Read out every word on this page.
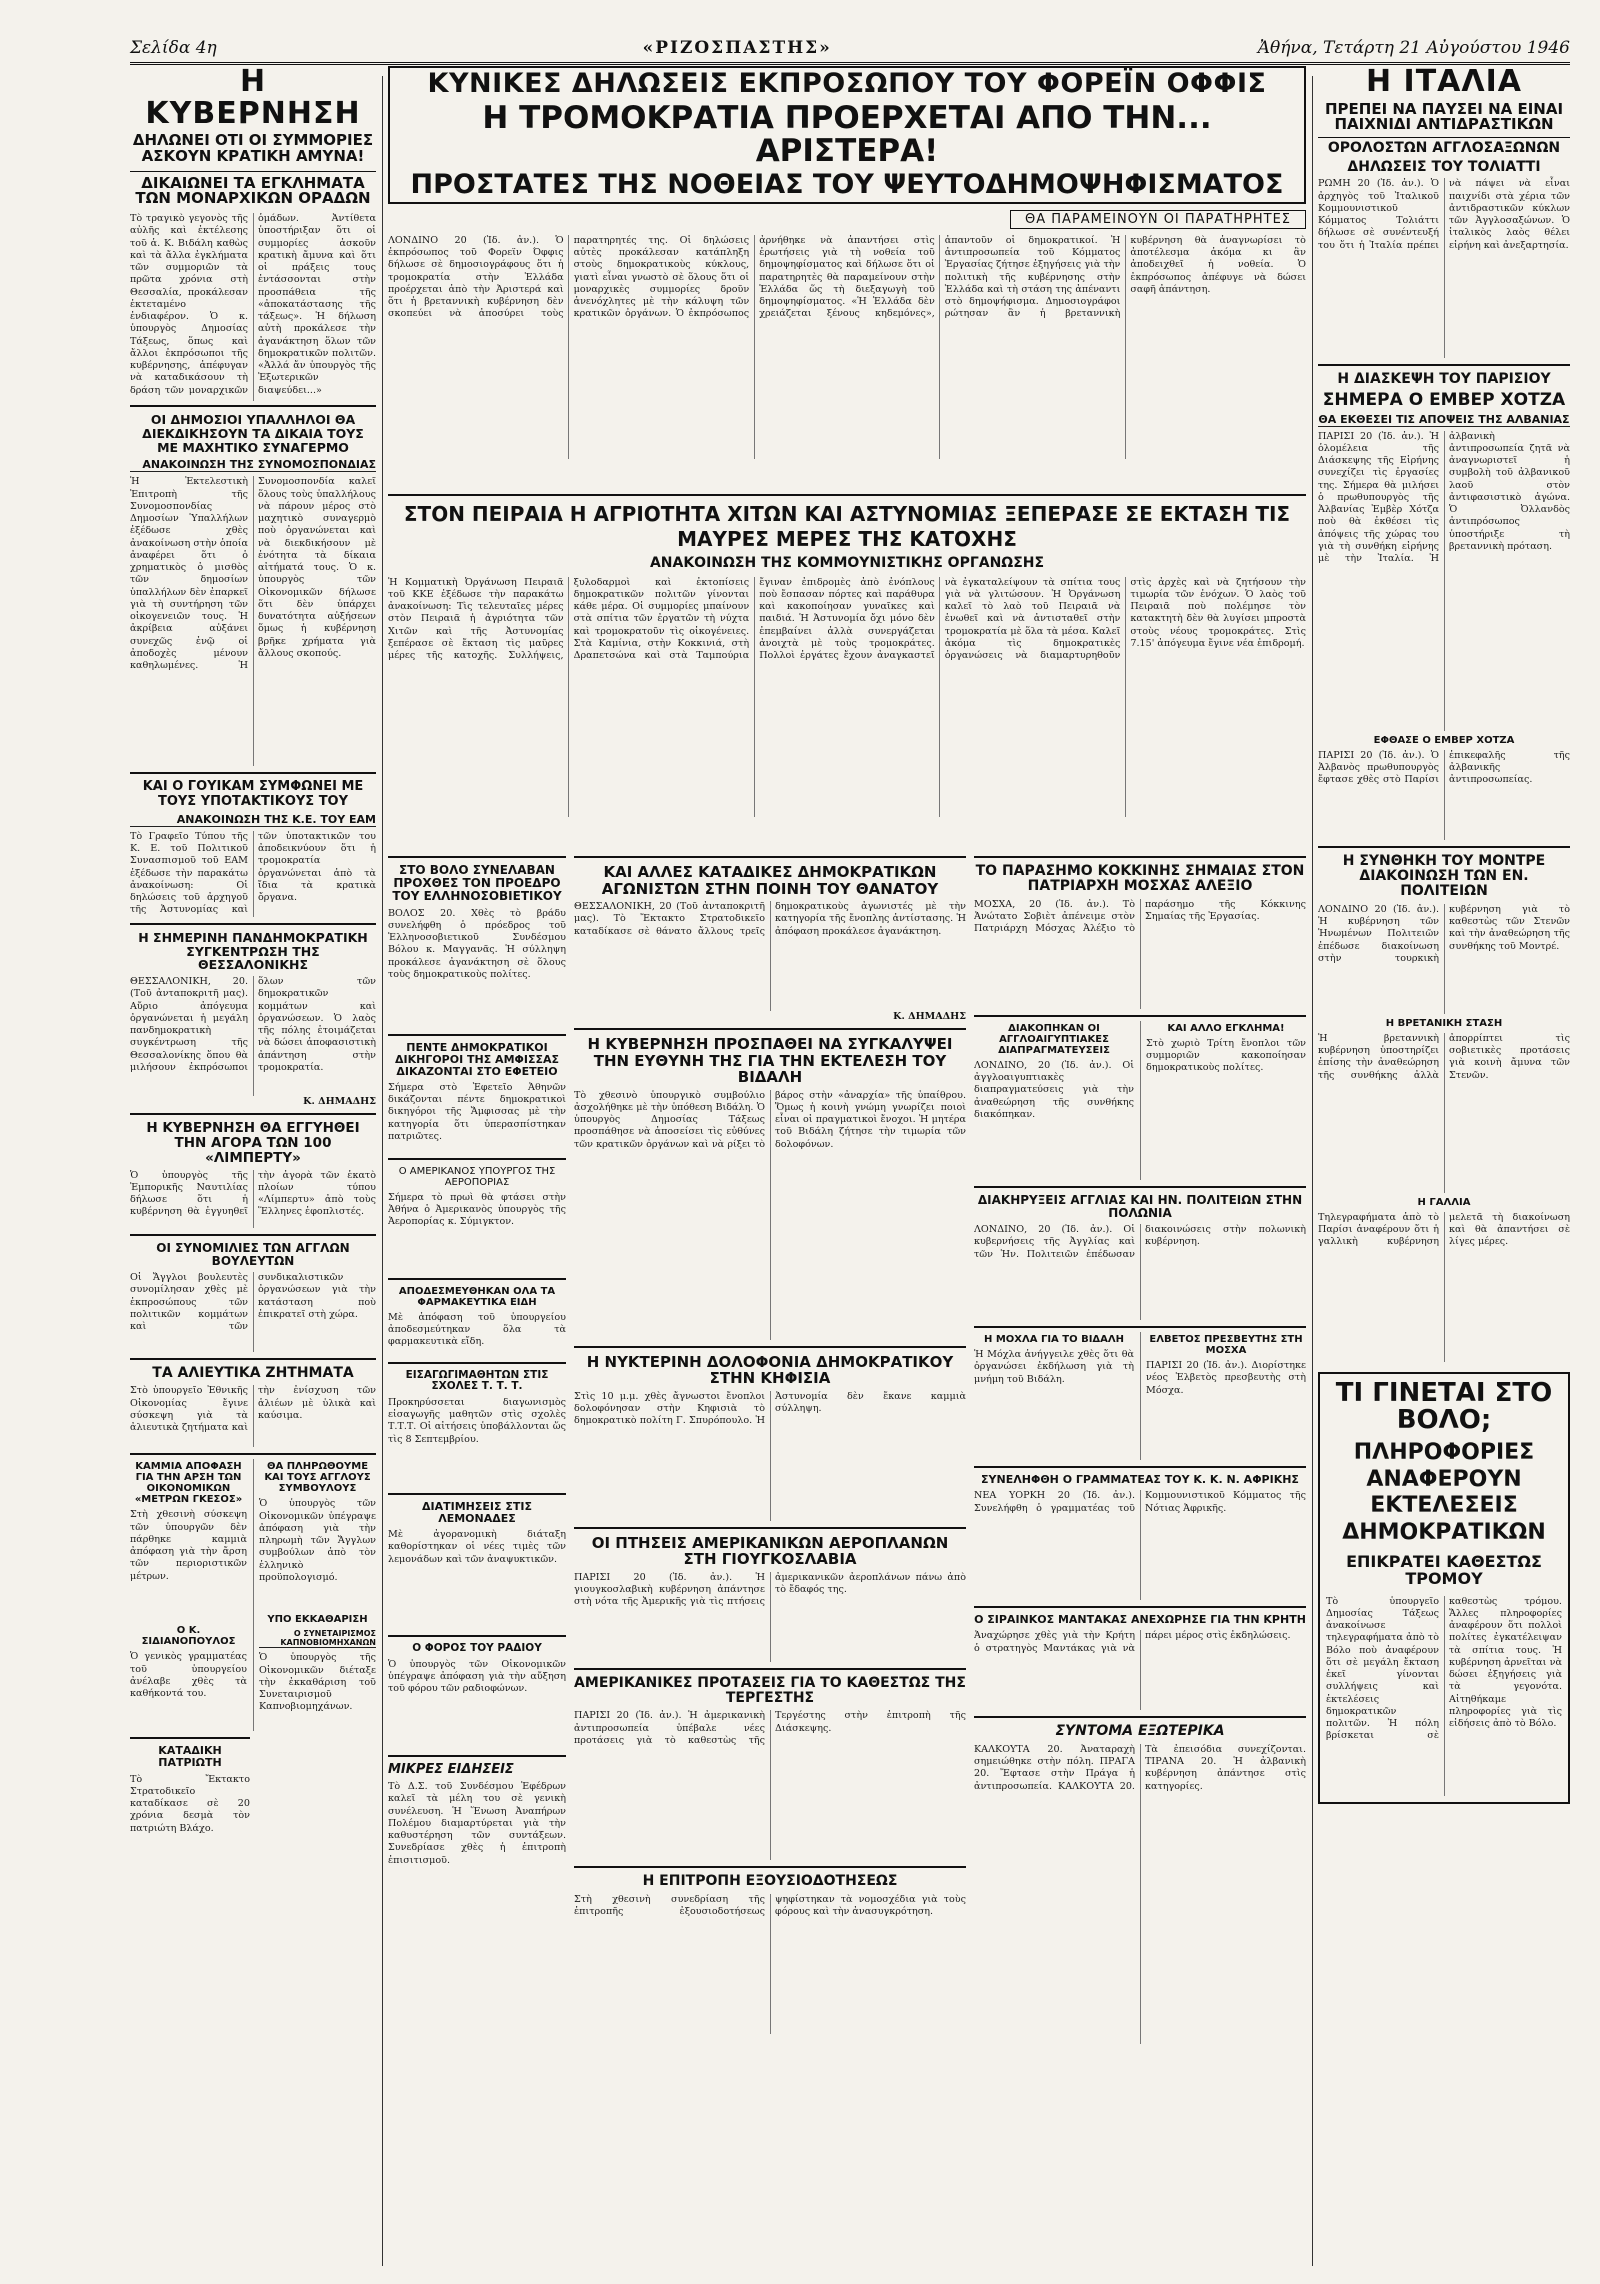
Σελίδα 4η	«ΡΙΖΟΣΠΑΣΤΗΣ»	Ἀθήνα, Τετάρτη 21 Αὐγούστου 1946

Η ΚΥΒΕΡΝΗΣΗ

ΔΗΛΩΝΕΙ ΟΤΙ ΟΙ ΣΥΜΜΟΡΙΕΣ ΑΣΚΟΥΝ ΚΡΑΤΙΚΗ ΑΜΥΝΑ!

ΔΙΚΑΙΩΝΕΙ ΤΑ ΕΓΚΛΗΜΑΤΑ ΤΩΝ ΜΟΝΑΡΧΙΚΩΝ ΟΡΑΔΩΝ

Τὸ τραγικὸ γεγονὸς τῆς αὐλῆς καὶ ἐκτέλεσης τοῦ ἁ. Κ. Βιδάλη καθὼς καὶ τὰ ἄλλα ἐγκλήματα τῶν συμμοριῶν τὰ πρῶτα χρόνια στὴ Θεσσαλία, προκάλεσαν ἐκτεταμένο ἐνδιαφέρον. Ὁ κ. ὑπουργὸς Δημοσίας Τάξεως, ὅπως καὶ ἄλλοι ἐκπρόσωποι τῆς κυβέρνησης, ἀπέφυγαν νὰ καταδικάσουν τὴ δράση τῶν μοναρχικῶν ὁμάδων. Ἀντίθετα ὑποστήριξαν ὅτι οἱ συμμορίες ἀσκοῦν κρατικὴ ἄμυνα καὶ ὅτι οἱ πράξεις τους ἐντάσσονται στὴν προσπάθεια τῆς «ἀποκατάστασης τῆς τάξεως». Ἡ δήλωση αὐτὴ προκάλεσε τὴν ἀγανάκτηση ὅλων τῶν δημοκρατικῶν πολιτῶν. «Ἀλλά ἄν ὑπουργὸς τῆς Ἐξωτερικῶν διαψεύδει...»

ΟΙ ΔΗΜΟΣΙΟΙ ΥΠΑΛΛΗΛΟΙ ΘΑ ΔΙΕΚΔΙΚΗΣΟΥΝ ΤΑ ΔΙΚΑΙΑ ΤΟΥΣ ΜΕ ΜΑΧΗΤΙΚΟ ΣΥΝΑΓΕΡΜΟ

ΑΝΑΚΟΙΝΩΣΗ ΤΗΣ ΣΥΝΟΜΟΣΠΟΝΔΙΑΣ
Ἡ Ἐκτελεστικὴ Ἐπιτροπὴ τῆς Συνομοσπονδίας Δημοσίων Ὑπαλλήλων ἐξέδωσε χθὲς ἀνακοίνωση στὴν ὁποία ἀναφέρει ὅτι ὁ χρηματικὸς ὁ μισθὸς τῶν δημοσίων ὑπαλλήλων δὲν ἐπαρκεῖ γιὰ τὴ συντήρηση τῶν οἰκογενειῶν τους. Ἡ ἀκρίβεια αὐξάνει συνεχῶς ἐνῷ οἱ ἀποδοχὲς μένουν καθηλωμένες. Ἡ Συνομοσπονδία καλεῖ ὅλους τοὺς ὑπαλλήλους νὰ πάρουν μέρος στὸ μαχητικὸ συναγερμὸ ποὺ ὀργανώνεται καὶ νὰ διεκδικήσουν μὲ ἑνότητα τὰ δίκαια αἰτήματά τους. Ὁ κ. ὑπουργὸς τῶν Οἰκονομικῶν δήλωσε ὅτι δὲν ὑπάρχει δυνατότητα αὐξήσεων ὅμως ἡ κυβέρνηση βρῆκε χρήματα γιὰ ἄλλους σκοπούς.

ΚΑΙ Ο ΓΟΥΙΚΑΜ ΣΥΜΦΩΝΕΙ ΜΕ ΤΟΥΣ ΥΠΟΤΑΚΤΙΚΟΥΣ ΤΟΥ

ΑΝΑΚΟΙΝΩΣΗ ΤΗΣ Κ.Ε. ΤΟΥ ΕΑΜ
Τὸ Γραφεῖο Τύπου τῆς Κ. Ε. τοῦ Πολιτικοῦ Συνασπισμοῦ τοῦ ΕΑΜ ἐξέδωσε τὴν παρακάτω ἀνακοίνωση: Οἱ δηλώσεις τοῦ ἀρχηγοῦ τῆς Ἀστυνομίας καὶ τῶν ὑποτακτικῶν του ἀποδεικνύουν ὅτι ἡ τρομοκρατία ὀργανώνεται ἀπὸ τὰ ἴδια τὰ κρατικὰ ὄργανα.

Η ΣΗΜΕΡΙΝΗ ΠΑΝΔΗΜΟΚΡΑΤΙΚΗ ΣΥΓΚΕΝΤΡΩΣΗ ΤΗΣ ΘΕΣΣΑΛΟΝΙΚΗΣ

ΘΕΣΣΑΛΟΝΙΚΗ, 20. (Τοῦ ἀνταποκριτῆ μας). Αὔριο ἀπόγευμα ὀργανώνεται ἡ μεγάλη πανδημοκρατικὴ συγκέντρωση τῆς Θεσσαλονίκης ὅπου θὰ μιλήσουν ἐκπρόσωποι ὅλων τῶν δημοκρατικῶν κομμάτων καὶ ὀργανώσεων. Ὁ λαὸς τῆς πόλης ἑτοιμάζεται νὰ δώσει ἀποφασιστικὴ ἀπάντηση στὴν τρομοκρατία.
Κ. ΔΗΜΑΔΗΣ

Η ΚΥΒΕΡΝΗΣΗ ΘΑ ΕΓΓΥΗΘΕΙ ΤΗΝ ΑΓΟΡΑ ΤΩΝ 100 «ΛΙΜΠΕΡΤΥ»

Ὁ ὑπουργὸς τῆς Ἐμπορικῆς Ναυτιλίας δήλωσε ὅτι ἡ κυβέρνηση θὰ ἐγγυηθεῖ τὴν ἀγορὰ τῶν ἑκατὸ πλοίων τύπου «Λίμπερτυ» ἀπὸ τοὺς Ἕλληνες ἐφοπλιστές.

ΟΙ ΣΥΝΟΜΙΛΙΕΣ ΤΩΝ ΑΓΓΛΩΝ ΒΟΥΛΕΥΤΩΝ

Οἱ Ἄγγλοι βουλευτὲς συνομίλησαν χθὲς μὲ ἐκπροσώπους τῶν πολιτικῶν κομμάτων καὶ τῶν συνδικαλιστικῶν ὀργανώσεων γιὰ τὴν κατάσταση ποὺ ἐπικρατεῖ στὴ χώρα.

ΤΑ ΑΛΙΕΥΤΙΚΑ ΖΗΤΗΜΑΤΑ

Στὸ ὑπουργεῖο Ἐθνικῆς Οἰκονομίας ἔγινε σύσκεψη γιὰ τὰ ἀλιευτικὰ ζητήματα καὶ τὴν ἐνίσχυση τῶν ἁλιέων μὲ ὑλικὰ καὶ καύσιμα.

ΚΑΜΜΙΑ ΑΠΟΦΑΣΗ ΓΙΑ ΤΗΝ ΑΡΣΗ ΤΩΝ ΟΙΚΟΝΟΜΙΚΩΝ «ΜΕΤΡΩΝ ΓΚΕΣΟΣ»

Στὴ χθεσινὴ σύσκεψη τῶν ὑπουργῶν δὲν πάρθηκε καμμιὰ ἀπόφαση γιὰ τὴν ἄρση τῶν περιοριστικῶν μέτρων.

Ο Κ. ΣΙΔΙΑΝΟΠΟΥΛΟΣ

Ὁ γενικὸς γραμματέας τοῦ ὑπουργείου ἀνέλαβε χθὲς τὰ καθήκοντά του.

ΘΑ ΠΛΗΡΩΘΟΥΜΕ ΚΑΙ ΤΟΥΣ ΑΓΓΛΟΥΣ ΣΥΜΒΟΥΛΟΥΣ

Ὁ ὑπουργὸς τῶν Οἰκονομικῶν ὑπέγραψε ἀπόφαση γιὰ τὴν πληρωμὴ τῶν Ἄγγλων συμβούλων ἀπὸ τὸν ἑλληνικὸ προϋπολογισμό.

ΥΠΟ ΕΚΚΑΘΑΡΙΣΗ

Ο ΣΥΝΕΤΑΙΡΙΣΜΟΣ ΚΑΠΝΟΒΙΟΜΗΧΑΝΩΝ
Ὁ ὑπουργὸς τῆς Οἰκονομικῶν διέταξε τὴν ἐκκαθάριση τοῦ Συνεταιρισμοῦ Καπνοβιομηχάνων.

ΚΑΤΑΔΙΚΗ ΠΑΤΡΙΩΤΗ

Τὸ Ἔκτακτο Στρατοδικεῖο καταδίκασε σὲ 20 χρόνια δεσμὰ τὸν πατριώτη Βλάχο.

ΚΥΝΙΚΕΣ ΔΗΛΩΣΕΙΣ ΕΚΠΡΟΣΩΠΟΥ ΤΟΥ ΦΟΡΕΪΝ ΟΦΦΙΣ

Η ΤΡΟΜΟΚΡΑΤΙΑ ΠΡΟΕΡΧΕΤΑΙ ΑΠΟ ΤΗΝ... ΑΡΙΣΤΕΡΑ!

ΠΡΟΣΤΑΤΕΣ ΤΗΣ ΝΟΘΕΙΑΣ ΤΟΥ ΨΕΥΤΟΔΗΜΟΨΗΦΙΣΜΑΤΟΣ

ΘΑ ΠΑΡΑΜΕΙΝΟΥΝ ΟΙ ΠΑΡΑΤΗΡΗΤΕΣ
ΛΟΝΔΙΝΟ 20 (Ἰδ. ἀν.). Ὁ ἐκπρόσωπος τοῦ Φορεϊν Όφφις δήλωσε σὲ δημοσιογράφους ὅτι ἡ τρομοκρατία στὴν Ἑλλάδα προέρχεται ἀπὸ τὴν Ἀριστερά καὶ ὅτι ἡ βρεταννικὴ κυβέρνηση δὲν σκοπεύει νὰ ἀποσύρει τοὺς παρατηρητές της. Οἱ δηλώσεις αὐτὲς προκάλεσαν κατάπληξη στοὺς δημοκρατικοὺς κύκλους, γιατὶ εἶναι γνωστὸ σὲ ὅλους ὅτι οἱ μοναρχικὲς συμμορίες δροῦν ἀνενόχλητες μὲ τὴν κάλυψη τῶν κρατικῶν ὀργάνων. Ὁ ἐκπρόσωπος ἀρνήθηκε νὰ ἀπαντήσει στὶς ἐρωτήσεις γιὰ τὴ νοθεία τοῦ δημοψηφίσματος καὶ δήλωσε ὅτι οἱ παρατηρητὲς θὰ παραμείνουν στὴν Ἑλλάδα ὥς τὴ διεξαγωγὴ τοῦ δημοψηφίσματος. «Ἡ Ἑλλάδα δὲν χρειάζεται ξένους κηδεμόνες», ἀπαντοῦν οἱ δημοκρατικοί. Ἡ ἀντιπροσωπεία τοῦ Κόμματος Ἐργασίας ζήτησε ἐξηγήσεις γιὰ τὴν πολιτικὴ τῆς κυβέρνησης στὴν Ἑλλάδα καὶ τὴ στάση της ἀπέναντι στὸ δημοψήφισμα. Δημοσιογράφοι ρώτησαν ἂν ἡ βρεταννικὴ κυβέρνηση θὰ ἀναγνωρίσει τὸ ἀποτέλεσμα ἀκόμα κι ἂν ἀποδειχθεῖ ἡ νοθεία. Ὁ ἐκπρόσωπος ἀπέφυγε νὰ δώσει σαφῆ ἀπάντηση.

ΣΤΟΝ ΠΕΙΡΑΙΑ Η ΑΓΡΙΟΤΗΤΑ ΧΙΤΩΝ ΚΑΙ ΑΣΤΥΝΟΜΙΑΣ ΞΕΠΕΡΑΣΕ ΣΕ ΕΚΤΑΣΗ ΤΙΣ ΜΑΥΡΕΣ ΜΕΡΕΣ ΤΗΣ ΚΑΤΟΧΗΣ

ΑΝΑΚΟΙΝΩΣΗ ΤΗΣ ΚΟΜΜΟΥΝΙΣΤΙΚΗΣ ΟΡΓΑΝΩΣΗΣ

Ἡ Κομματικὴ Ὀργάνωση Πειραιᾶ τοῦ ΚΚΕ ἐξέδωσε τὴν παρακάτω ἀνακοίνωση: Τὶς τελευταῖες μέρες στὸν Πειραιᾶ ἡ ἀγριότητα τῶν Χιτῶν καὶ τῆς Ἀστυνομίας ξεπέρασε σὲ ἔκταση τὶς μαῦρες μέρες τῆς κατοχῆς. Συλλήψεις, ξυλοδαρμοὶ καὶ ἐκτοπίσεις δημοκρατικῶν πολιτῶν γίνονται κάθε μέρα. Οἱ συμμορίες μπαίνουν στὰ σπίτια τῶν ἐργατῶν τὴ νύχτα καὶ τρομοκρατοῦν τὶς οἰκογένειες. Στὰ Καμίνια, στὴν Κοκκινιά, στὴ Δραπετσώνα καὶ στὰ Ταμπούρια ἔγιναν ἐπιδρομὲς ἀπὸ ἐνόπλους ποὺ ἔσπασαν πόρτες καὶ παράθυρα καὶ κακοποίησαν γυναῖκες καὶ παιδιά. Ἡ Ἀστυνομία ὄχι μόνο δὲν ἐπεμβαίνει ἀλλὰ συνεργάζεται ἀνοιχτὰ μὲ τοὺς τρομοκράτες. Πολλοὶ ἐργάτες ἔχουν ἀναγκαστεῖ νὰ ἐγκαταλείψουν τὰ σπίτια τους γιὰ νὰ γλιτώσουν. Ἡ Ὀργάνωση καλεῖ τὸ λαὸ τοῦ Πειραιᾶ νὰ ἑνωθεῖ καὶ νὰ ἀντισταθεῖ στὴν τρομοκρατία μὲ ὅλα τὰ μέσα. Καλεῖ ἀκόμα τὶς δημοκρατικὲς ὀργανώσεις νὰ διαμαρτυρηθοῦν στὶς ἀρχὲς καὶ νὰ ζητήσουν τὴν τιμωρία τῶν ἐνόχων. Ὁ λαὸς τοῦ Πειραιᾶ ποὺ πολέμησε τὸν κατακτητὴ δὲν θὰ λυγίσει μπροστὰ στοὺς νέους τρομοκράτες. Στὶς 7.15' ἀπόγευμα ἔγινε νέα ἐπιδρομή.

ΣΤΟ ΒΟΛΟ ΣΥΝΕΛΑΒΑΝ ΠΡΟΧΘΕΣ ΤΟΝ ΠΡΟΕΔΡΟ ΤΟΥ ΕΛΛΗΝΟΣΟΒΙΕΤΙΚΟΥ

ΒΟΛΟΣ 20. Χθὲς τὸ βράδυ συνελήφθη ὁ πρόεδρος τοῦ Ἑλληνοσοβιετικοῦ Συνδέσμου Βόλου κ. Μαγγανᾶς. Ἡ σύλληψη προκάλεσε ἀγανάκτηση σὲ ὅλους τοὺς δημοκρατικοὺς πολίτες.

ΠΕΝΤΕ ΔΗΜΟΚΡΑΤΙΚΟΙ ΔΙΚΗΓΟΡΟΙ ΤΗΣ ΑΜΦΙΣΣΑΣ ΔΙΚΑΖΟΝΤΑΙ ΣΤΟ ΕΦΕΤΕΙΟ

Σήμερα στὸ Ἐφετεῖο Ἀθηνῶν δικάζονται πέντε δημοκρατικοὶ δικηγόροι τῆς Ἄμφισσας μὲ τὴν κατηγορία ὅτι ὑπερασπίστηκαν πατριῶτες.

Ο ΑΜΕΡΙΚΑΝΟΣ ΥΠΟΥΡΓΟΣ ΤΗΣ ΑΕΡΟΠΟΡΙΑΣ

Σήμερα τὸ πρωὶ θὰ φτάσει στὴν Ἀθήνα ὁ Ἀμερικανὸς ὑπουργὸς τῆς Ἀεροπορίας κ. Σύμιγκτον.

ΑΠΟΔΕΣΜΕΥΘΗΚΑΝ ΟΛΑ ΤΑ ΦΑΡΜΑΚΕΥΤΙΚΑ ΕΙΔΗ

Μὲ ἀπόφαση τοῦ ὑπουργείου ἀποδεσμεύτηκαν ὅλα τὰ φαρμακευτικὰ εἴδη.

ΕΙΣΑΓΩΓΙΜΑΘΗΤΩΝ ΣΤΙΣ ΣΧΟΛΕΣ Τ. Τ. Τ.

Προκηρύσσεται διαγωνισμὸς εἰσαγωγῆς μαθητῶν στὶς σχολὲς Τ.Τ.Τ. Οἱ αἰτήσεις ὑποβάλλονται ὥς τὶς 8 Σεπτεμβρίου.

ΔΙΑΤΙΜΗΣΕΙΣ ΣΤΙΣ ΛΕΜΟΝΑΔΕΣ

Μὲ ἀγορανομικὴ διάταξη καθορίστηκαν οἱ νέες τιμὲς τῶν λεμονάδων καὶ τῶν ἀναψυκτικῶν.

Ο ΦΟΡΟΣ ΤΟΥ ΡΑΔΙΟΥ

Ὁ ὑπουργὸς τῶν Οἰκονομικῶν ὑπέγραψε ἀπόφαση γιὰ τὴν αὔξηση τοῦ φόρου τῶν ραδιοφώνων.

ΜΙΚΡΕΣ ΕΙΔΗΣΕΙΣ

Τὸ Δ.Σ. τοῦ Συνδέσμου Ἐφέδρων καλεῖ τὰ μέλη του σὲ γενικὴ συνέλευση. Ἡ Ἕνωση Ἀναπήρων Πολέμου διαμαρτύρεται γιὰ τὴν καθυστέρηση τῶν συντάξεων. Συνεδρίασε χθὲς ἡ ἐπιτροπὴ ἐπισιτισμοῦ.

ΚΑΙ ΑΛΛΕΣ ΚΑΤΑΔΙΚΕΣ ΔΗΜΟΚΡΑΤΙΚΩΝ ΑΓΩΝΙΣΤΩΝ ΣΤΗΝ ΠΟΙΝΗ ΤΟΥ ΘΑΝΑΤΟΥ

ΘΕΣΣΑΛΟΝΙΚΗ, 20 (Τοῦ ἀνταποκριτῆ μας). Τὸ Ἔκτακτο Στρατοδικεῖο καταδίκασε σὲ θάνατο ἄλλους τρεῖς δημοκρατικοὺς ἀγωνιστές μὲ τὴν κατηγορία τῆς ἔνοπλης ἀντίστασης. Ἡ ἀπόφαση προκάλεσε ἀγανάκτηση.
Κ. ΔΗΜΑΔΗΣ

Η ΚΥΒΕΡΝΗΣΗ ΠΡΟΣΠΑΘΕΙ ΝΑ ΣΥΓΚΑΛΥΨΕΙ ΤΗΝ ΕΥΘΥΝΗ ΤΗΣ ΓΙΑ ΤΗΝ ΕΚΤΕΛΕΣΗ ΤΟΥ ΒΙΔΑΛΗ

Τὸ χθεσινὸ ὑπουργικὸ συμβούλιο ἀσχολήθηκε μὲ τὴν ὑπόθεση Βιδάλη. Ὁ ὑπουργὸς Δημοσίας Τάξεως προσπάθησε νὰ ἀποσείσει τὶς εὐθύνες τῶν κρατικῶν ὀργάνων καὶ νὰ ρίξει τὸ βάρος στὴν «ἀναρχία» τῆς ὑπαίθρου. Ὅμως ἡ κοινὴ γνώμη γνωρίζει ποιοὶ εἶναι οἱ πραγματικοὶ ἔνοχοι. Ἡ μητέρα τοῦ Βιδάλη ζήτησε τὴν τιμωρία τῶν δολοφόνων.

Η ΝΥΚΤΕΡΙΝΗ ΔΟΛΟΦΟΝΙΑ ΔΗΜΟΚΡΑΤΙΚΟΥ ΣΤΗΝ ΚΗΦΙΣΙΑ

Στὶς 10 μ.μ. χθὲς ἄγνωστοι ἔνοπλοι δολοφόνησαν στὴν Κηφισιὰ τὸ δημοκρατικὸ πολίτη Γ. Σπυρόπουλο. Ἡ Ἀστυνομία δὲν ἔκανε καμμιὰ σύλληψη.

ΟΙ ΠΤΗΣΕΙΣ ΑΜΕΡΙΚΑΝΙΚΩΝ ΑΕΡΟΠΛΑΝΩΝ ΣΤΗ ΓΙΟΥΓΚΟΣΛΑΒΙΑ

ΠΑΡΙΣΙ 20 (Ἰδ. ἀν.). Ἡ γιουγκοσλαβικὴ κυβέρνηση ἀπάντησε στὴ νότα τῆς Ἀμερικῆς γιὰ τὶς πτήσεις ἀμερικανικῶν ἀεροπλάνων πάνω ἀπὸ τὸ ἔδαφός της.

ΑΜΕΡΙΚΑΝΙΚΕΣ ΠΡΟΤΑΣΕΙΣ ΓΙΑ ΤΟ ΚΑΘΕΣΤΩΣ ΤΗΣ ΤΕΡΓΕΣΤΗΣ

ΠΑΡΙΣΙ 20 (Ἰδ. ἀν.). Ἡ ἀμερικανικὴ ἀντιπροσωπεία ὑπέβαλε νέες προτάσεις γιὰ τὸ καθεστὼς τῆς Τεργέστης στὴν ἐπιτροπὴ τῆς Διάσκεψης.

Η ΕΠΙΤΡΟΠΗ ΕΞΟΥΣΙΟΔΟΤΗΣΕΩΣ

Στὴ χθεσινὴ συνεδρίαση τῆς ἐπιτροπῆς ἐξουσιοδοτήσεως ψηφίστηκαν τὰ νομοσχέδια γιὰ τοὺς φόρους καὶ τὴν ἀνασυγκρότηση.

ΤΟ ΠΑΡΑΣΗΜΟ ΚΟΚΚΙΝΗΣ ΣΗΜΑΙΑΣ ΣΤΟΝ ΠΑΤΡΙΑΡΧΗ ΜΟΣΧΑΣ ΑΛΕΞΙΟ

ΜΟΣΧΑ, 20 (Ἰδ. ἀν.). Τὸ Ἀνώτατο Σοβιὲτ ἀπένειμε στὸν Πατριάρχη Μόσχας Ἀλέξιο τὸ παράσημο τῆς Κόκκινης Σημαίας τῆς Ἐργασίας.

ΔΙΑΚΟΠΗΚΑΝ ΟΙ ΑΓΓΛΟΑΙΓΥΠΤΙΑΚΕΣ ΔΙΑΠΡΑΓΜΑΤΕΥΣΕΙΣ

ΛΟΝΔΙΝΟ, 20 (Ἰδ. ἀν.). Οἱ ἀγγλοαιγυπτιακὲς διαπραγματεύσεις γιὰ τὴν ἀναθεώρηση τῆς συνθήκης διακόπηκαν.

ΚΑΙ ΑΛΛΟ ΕΓΚΛΗΜΑ!

Στὸ χωριὸ Τρίτη ἔνοπλοι τῶν συμμοριῶν κακοποίησαν δημοκρατικοὺς πολίτες.

ΔΙΑΚΗΡΥΞΕΙΣ ΑΓΓΛΙΑΣ ΚΑΙ ΗΝ. ΠΟΛΙΤΕΙΩΝ ΣΤΗΝ ΠΟΛΩΝΙΑ

ΛΟΝΔΙΝΟ, 20 (Ἰδ. ἀν.). Οἱ κυβερνήσεις τῆς Ἀγγλίας καὶ τῶν Ἡν. Πολιτειῶν ἐπέδωσαν διακοινώσεις στὴν πολωνικὴ κυβέρνηση.

Η ΜΟΧΛΑ ΓΙΑ ΤΟ ΒΙΔΑΛΗ

Ἡ Μόχλα ἀνήγγειλε χθὲς ὅτι θὰ ὀργανώσει ἐκδήλωση γιὰ τὴ μνήμη τοῦ Βιδάλη.

ΕΛΒΕΤΟΣ ΠΡΕΣΒΕΥΤΗΣ ΣΤΗ ΜΟΣΧΑ

ΠΑΡΙΣΙ 20 (Ἰδ. ἀν.). Διορίστηκε νέος Ἑλβετὸς πρεσβευτὴς στὴ Μόσχα.

ΣΥΝΕΛΗΦΘΗ Ο ΓΡΑΜΜΑΤΕΑΣ ΤΟΥ Κ. Κ. Ν. ΑΦΡΙΚΗΣ

ΝΕΑ ΥΟΡΚΗ 20 (Ἰδ. ἀν.). Συνελήφθη ὁ γραμματέας τοῦ Κομμουνιστικοῦ Κόμματος τῆς Νότιας Ἀφρικῆς.

Ο ΣΙΡΑΙΝΚΟΣ ΜΑΝΤΑΚΑΣ ΑΝΕΧΩΡΗΣΕ ΓΙΑ ΤΗΝ ΚΡΗΤΗ

Ἀναχώρησε χθὲς γιὰ τὴν Κρήτη ὁ στρατηγὸς Μαντάκας γιὰ νὰ πάρει μέρος στὶς ἐκδηλώσεις.

ΣΥΝΤΟΜΑ ΕΞΩΤΕΡΙΚΑ

ΚΑΛΚΟΥΤΑ 20. Ἀναταραχὴ σημειώθηκε στὴν πόλη. ΠΡΑΓΑ 20. Ἔφτασε στὴν Πράγα ἡ ἀντιπροσωπεία. ΚΑΛΚΟΥΤΑ 20. Τὰ ἐπεισόδια συνεχίζονται. ΤΙΡΑΝΑ 20. Ἡ ἀλβανικὴ κυβέρνηση ἀπάντησε στὶς κατηγορίες.

Η ΙΤΑΛΙΑ

ΠΡΕΠΕΙ ΝΑ ΠΑΥΣΕΙ ΝΑ ΕΙΝΑΙ ΠΑΙΧΝΙΔΙ ΑΝΤΙΔΡΑΣΤΙΚΩΝ

ΟΡΟΛΟΣΤΩΝ ΑΓΓΛΟΣΑΞΩΝΩΝ

ΔΗΛΩΣΕΙΣ ΤΟΥ ΤΟΛΙΑΤΤΙ

ΡΩΜΗ 20 (Ἰδ. ἀν.). Ὁ ἀρχηγὸς τοῦ Ἰταλικοῦ Κομμουνιστικοῦ Κόμματος Τολιάττι δήλωσε σὲ συνέντευξή του ὅτι ἡ Ἰταλία πρέπει νὰ πάψει νὰ εἶναι παιχνίδι στὰ χέρια τῶν ἀντιδραστικῶν κύκλων τῶν Ἀγγλοσαξώνων. Ὁ ἰταλικὸς λαὸς θέλει εἰρήνη καὶ ἀνεξαρτησία.

Η ΔΙΑΣΚΕΨΗ ΤΟΥ ΠΑΡΙΣΙΟΥ

ΣΗΜΕΡΑ Ο ΕΜΒΕΡ ΧΟΤΖΑ

ΘΑ ΕΚΘΕΣΕΙ ΤΙΣ ΑΠΟΨΕΙΣ ΤΗΣ ΑΛΒΑΝΙΑΣ
ΠΑΡΙΣΙ 20 (Ἰδ. ἀν.). Ἡ ὁλομέλεια τῆς Διάσκεψης τῆς Εἰρήνης συνεχίζει τὶς ἐργασίες της. Σήμερα θὰ μιλήσει ὁ πρωθυπουργὸς τῆς Ἀλβανίας Ἐμβὲρ Χότζα ποὺ θὰ ἐκθέσει τὶς ἀπόψεις τῆς χώρας του γιὰ τὴ συνθήκη εἰρήνης μὲ τὴν Ἰταλία. Ἡ ἀλβανικὴ ἀντιπροσωπεία ζητᾶ νὰ ἀναγνωριστεῖ ἡ συμβολὴ τοῦ ἀλβανικοῦ λαοῦ στὸν ἀντιφασιστικὸ ἀγώνα. Ὁ Ὀλλανδὸς ἀντιπρόσωπος ὑποστήριξε τὴ βρεταννικὴ πρόταση.

ΕΦΘΑΣΕ Ο ΕΜΒΕΡ ΧΟΤΖΑ

ΠΑΡΙΣΙ 20 (Ἰδ. ἀν.). Ὁ Ἀλβανὸς πρωθυπουργὸς ἔφτασε χθὲς στὸ Παρίσι ἐπικεφαλῆς τῆς ἀλβανικῆς ἀντιπροσωπείας.

Η ΣΥΝΘΗΚΗ ΤΟΥ ΜΟΝΤΡΕ ΔΙΑΚΟΙΝΩΣΗ ΤΩΝ ΕΝ. ΠΟΛΙΤΕΙΩΝ

ΛΟΝΔΙΝΟ 20 (Ἰδ. ἀν.). Ἡ κυβέρνηση τῶν Ἡνωμένων Πολιτειῶν ἐπέδωσε διακοίνωση στὴν τουρκικὴ κυβέρνηση γιὰ τὸ καθεστὼς τῶν Στενῶν καὶ τὴν ἀναθεώρηση τῆς συνθήκης τοῦ Μοντρέ.

Η ΒΡΕΤΑΝΙΚΗ ΣΤΑΣΗ

Ἡ βρεταννικὴ κυβέρνηση ὑποστηρίζει ἐπίσης τὴν ἀναθεώρηση τῆς συνθήκης ἀλλὰ ἀπορρίπτει τὶς σοβιετικὲς προτάσεις γιὰ κοινὴ ἄμυνα τῶν Στενῶν.

Η ΓΑΛΛΙΑ

Τηλεγραφήματα ἀπὸ τὸ Παρίσι ἀναφέρουν ὅτι ἡ γαλλικὴ κυβέρνηση μελετᾶ τὴ διακοίνωση καὶ θὰ ἀπαντήσει σὲ λίγες μέρες.

ΤΙ ΓΙΝΕΤΑΙ ΣΤΟ ΒΟΛΟ;

ΠΛΗΡΟΦΟΡΙΕΣ ΑΝΑΦΕΡΟΥΝ ΕΚΤΕΛΕΣΕΙΣ ΔΗΜΟΚΡΑΤΙΚΩΝ

ΕΠΙΚΡΑΤΕΙ ΚΑΘΕΣΤΩΣ ΤΡΟΜΟΥ

Τὸ ὑπουργεῖο Δημοσίας Τάξεως ἀνακοίνωσε τηλεγραφήματα ἀπὸ τὸ Βόλο ποὺ ἀναφέρουν ὅτι σὲ μεγάλη ἔκταση ἐκεῖ γίνονται συλλήψεις καὶ ἐκτελέσεις δημοκρατικῶν πολιτῶν. Ἡ πόλη βρίσκεται σὲ καθεστὼς τρόμου. Ἄλλες πληροφορίες ἀναφέρουν ὅτι πολλοὶ πολίτες ἐγκατέλειψαν τὰ σπίτια τους. Ἡ κυβέρνηση ἀρνεῖται νὰ δώσει ἐξηγήσεις γιὰ τὰ γεγονότα. Αἰτηθήκαμε πληροφορίες γιὰ τὶς εἰδήσεις ἀπὸ τὸ Βόλο.
